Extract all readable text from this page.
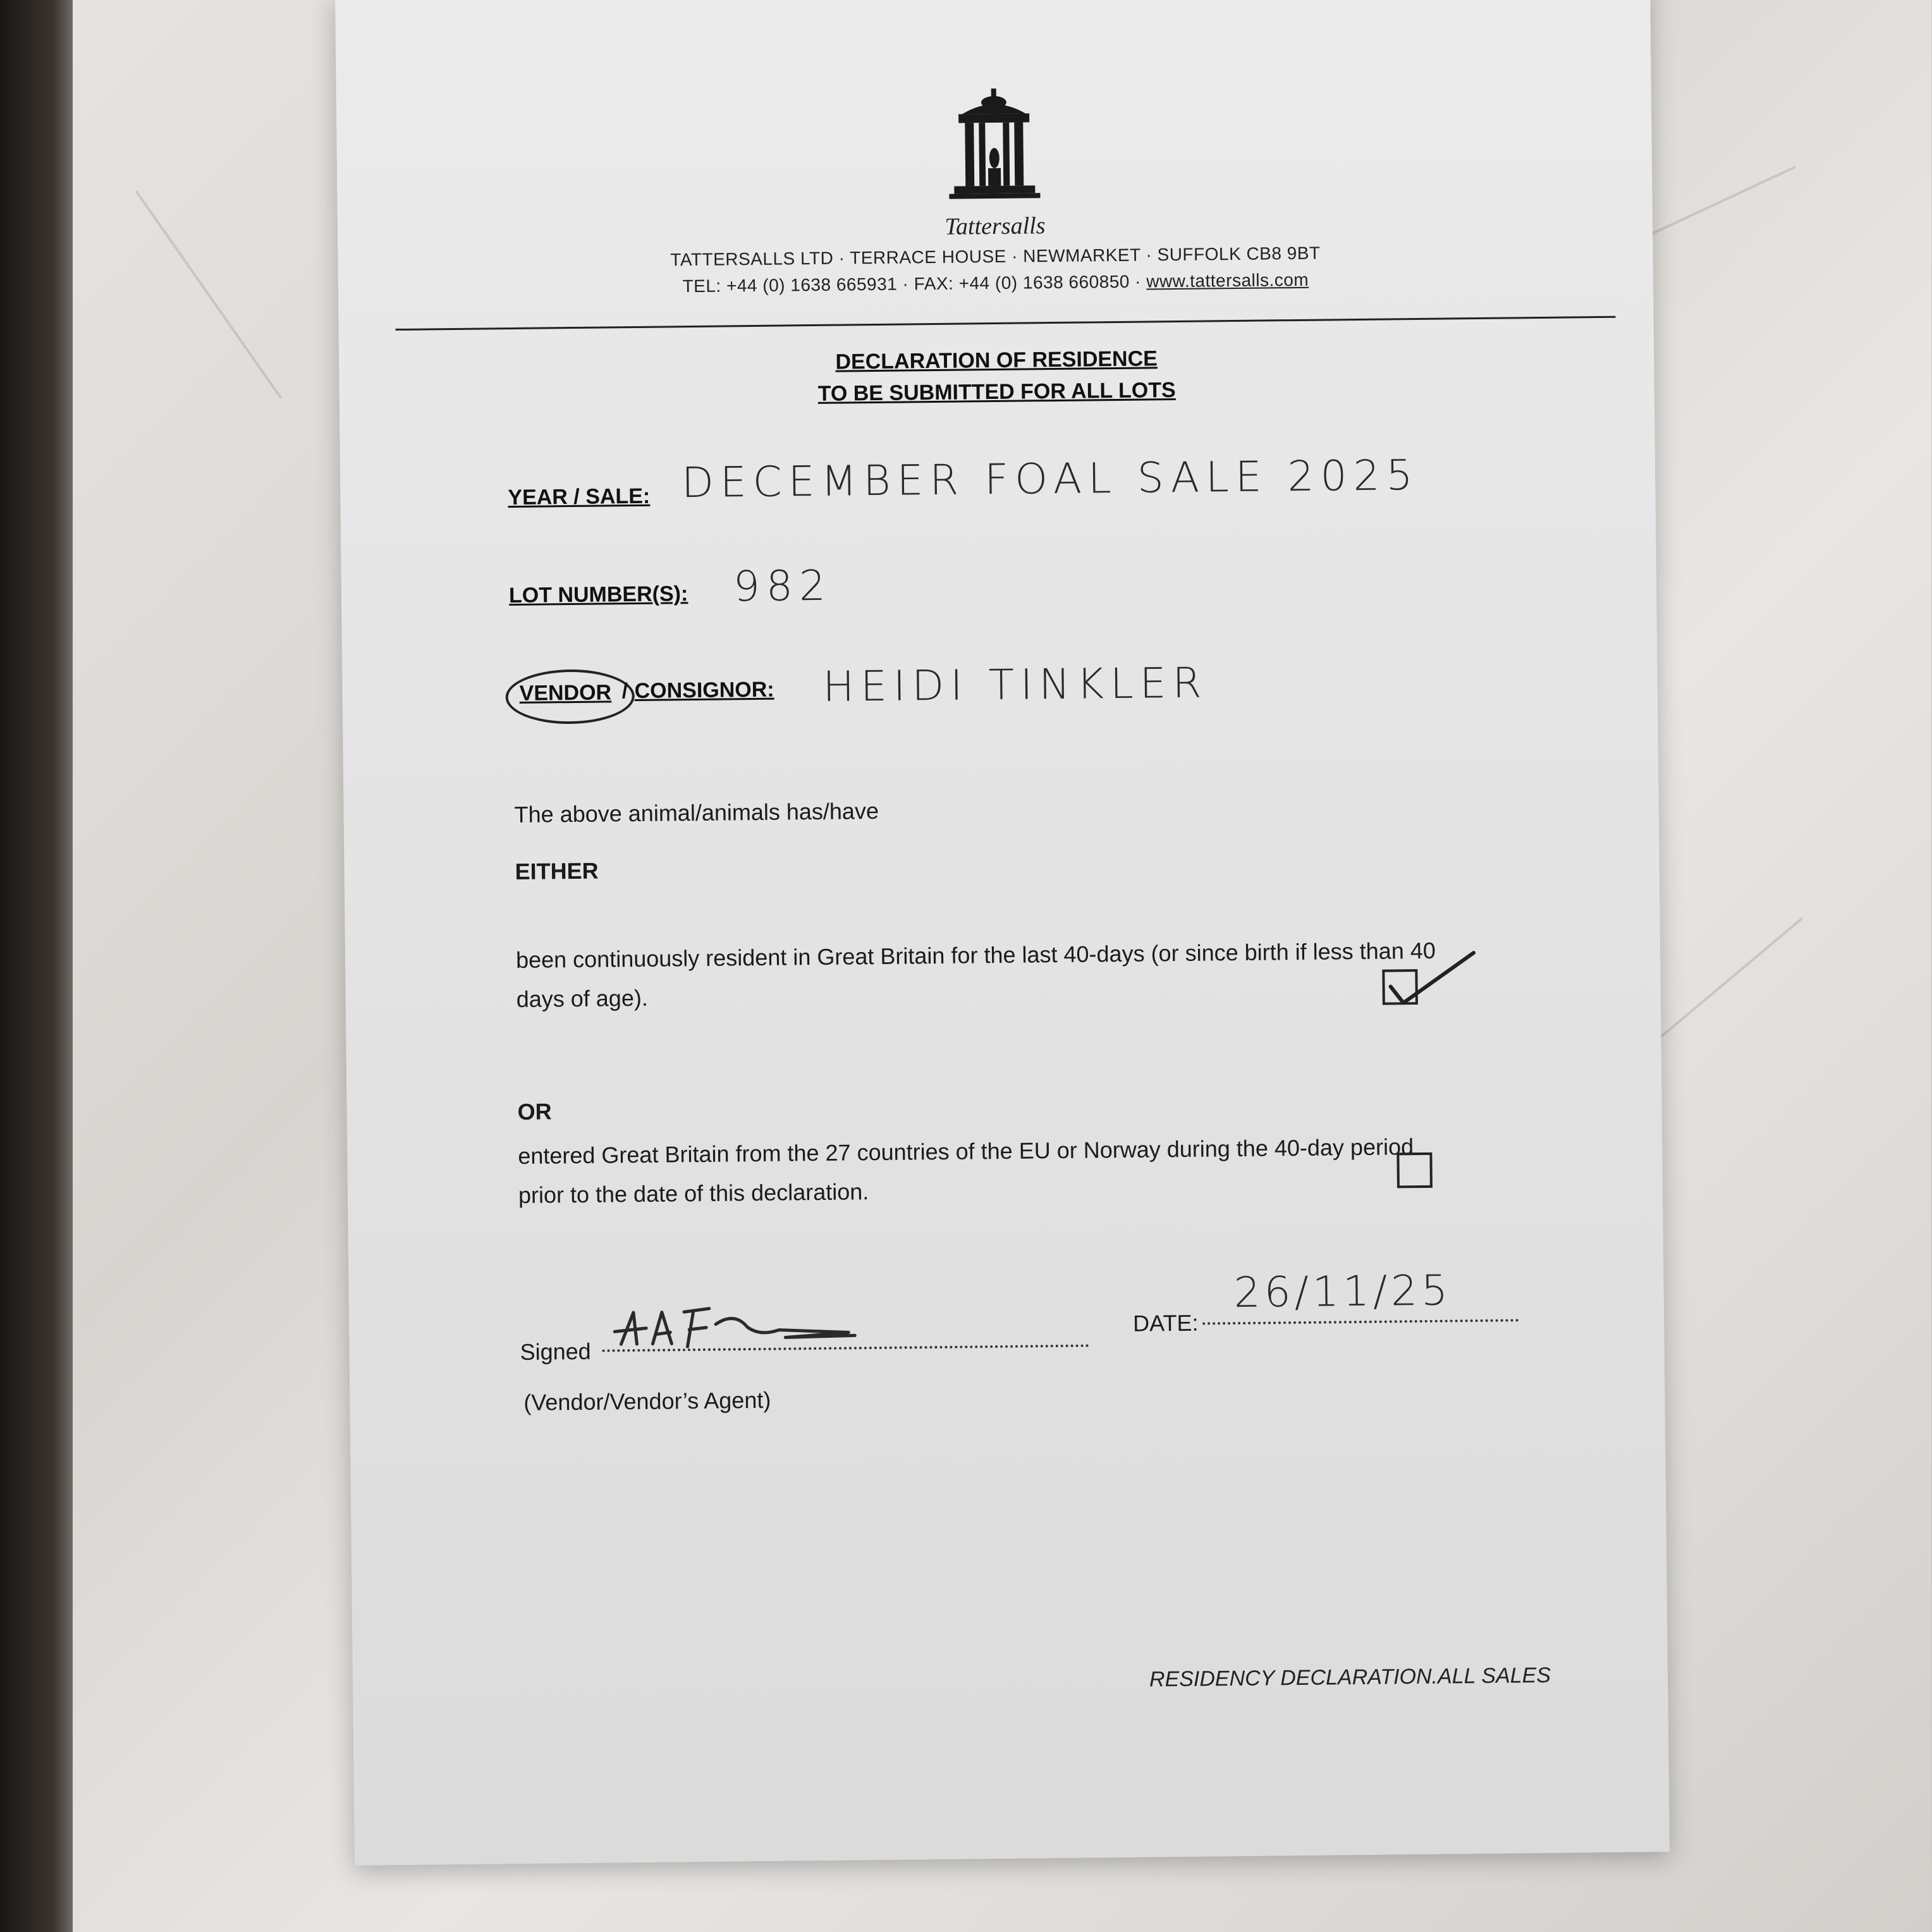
Tattersalls
TATTERSALLS LTD · TERRACE HOUSE · NEWMARKET · SUFFOLK CB8 9BT
TEL: +44 (0) 1638 665931 · FAX: +44 (0) 1638 660850 · www.tattersalls.com
DECLARATION OF RESIDENCE
TO BE SUBMITTED FOR ALL LOTS
YEAR / SALE: DECEMBER FOAL SALE 2025
LOT NUMBER(S): 982
VENDOR / CONSIGNOR: HEIDI TINKLER
The above animal/animals has/have
EITHER
been continuously resident in Great Britain for the last 40-days (or since birth if less than 40
days of age).
OR
entered Great Britain from the 27 countries of the EU or Norway during the 40-day period
prior to the date of this declaration.
Signed
DATE:
26/11/25
(Vendor/Vendor’s Agent)
RESIDENCY DECLARATION.ALL SALES
